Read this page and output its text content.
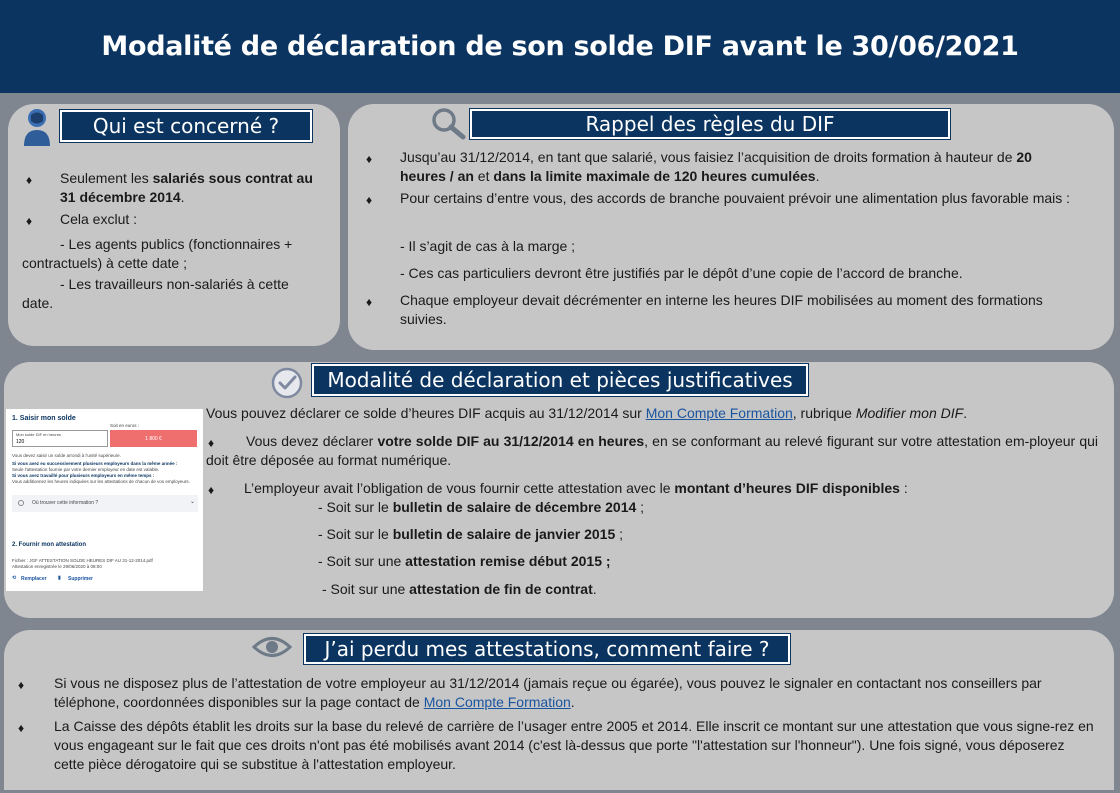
Modalité de déclaration de son solde DIF avant le 30/06/2021
Qui est concerné ?
♦ Seulement les salariés sous contrat au 31 décembre 2014.
♦ Cela exclut :
- Les agents publics (fonctionnaires + contractuels) à cette date ;
- Les travailleurs non-salariés à cette date.
Rappel des règles du DIF
♦ Jusqu’au 31/12/2014, en tant que salarié, vous faisiez l’acquisition de droits formation à hauteur de 20 heures / an et dans la limite maximale de 120 heures cumulées.
♦ Pour certains d’entre vous, des accords de branche pouvaient prévoir une alimentation plus favorable mais :
- Il s’agit de cas à la marge ;
- Ces cas particuliers devront être justifiés par le dépôt d’une copie de l’accord de branche.
♦ Chaque employeur devait décrémenter en interne les heures DIF mobilisées au moment des formations suivies.
Modalité de déclaration et pièces justificatives
1. Saisir mon solde
Soit en euros :
Mon solde DIF en heures
120
1 800 €
Vous devez saisir un solde arrondi à l'unité supérieure.
Si vous avez eu successivement plusieurs employeurs dans la même année :
Seule l'attestation fournie par votre dernier employeur en date est valable.
Si vous avez travaillé pour plusieurs employeurs en même temps :
Vous additionnez les heures indiquées sur les attestations de chacun de vos employeurs.
Où trouver cette information ?	⌄
2. Fournir mon attestation
Fichier : JGF ATTESTATION SOLDE HEURES DIF AU 31-12-2014.pdf
Attestation enregistrée le 29/06/2020 à 08:00
⟲ Remplacer ▮ Supprimer
Vous pouvez déclarer ce solde d’heures DIF acquis au 31/12/2014 sur Mon Compte Formation, rubrique Modifier mon DIF.
♦	Vous devez déclarer votre solde DIF au 31/12/2014 en heures, en se conformant au relevé figurant sur votre attestation em-ployeur qui doit être déposée au format numérique.
♦ L’employeur avait l’obligation de vous fournir cette attestation avec le montant d’heures DIF disponibles :
- Soit sur le bulletin de salaire de décembre 2014 ;
- Soit sur le bulletin de salaire de janvier 2015 ;
- Soit sur une attestation remise début 2015 ;
- Soit sur une attestation de fin de contrat.
J’ai perdu mes attestations, comment faire ?
♦ Si vous ne disposez plus de l’attestation de votre employeur au 31/12/2014 (jamais reçue ou égarée), vous pouvez le signaler en contactant nos conseillers par téléphone, coordonnées disponibles sur la page contact de Mon Compte Formation.
♦ La Caisse des dépôts établit les droits sur la base du relevé de carrière de l’usager entre 2005 et 2014. Elle inscrit ce montant sur une attestation que vous signe-rez en vous engageant sur le fait que ces droits n'ont pas été mobilisés avant 2014 (c'est là-dessus que porte "l'attestation sur l'honneur"). Une fois signé, vous déposerez cette pièce dérogatoire qui se substitue à l'attestation employeur.
